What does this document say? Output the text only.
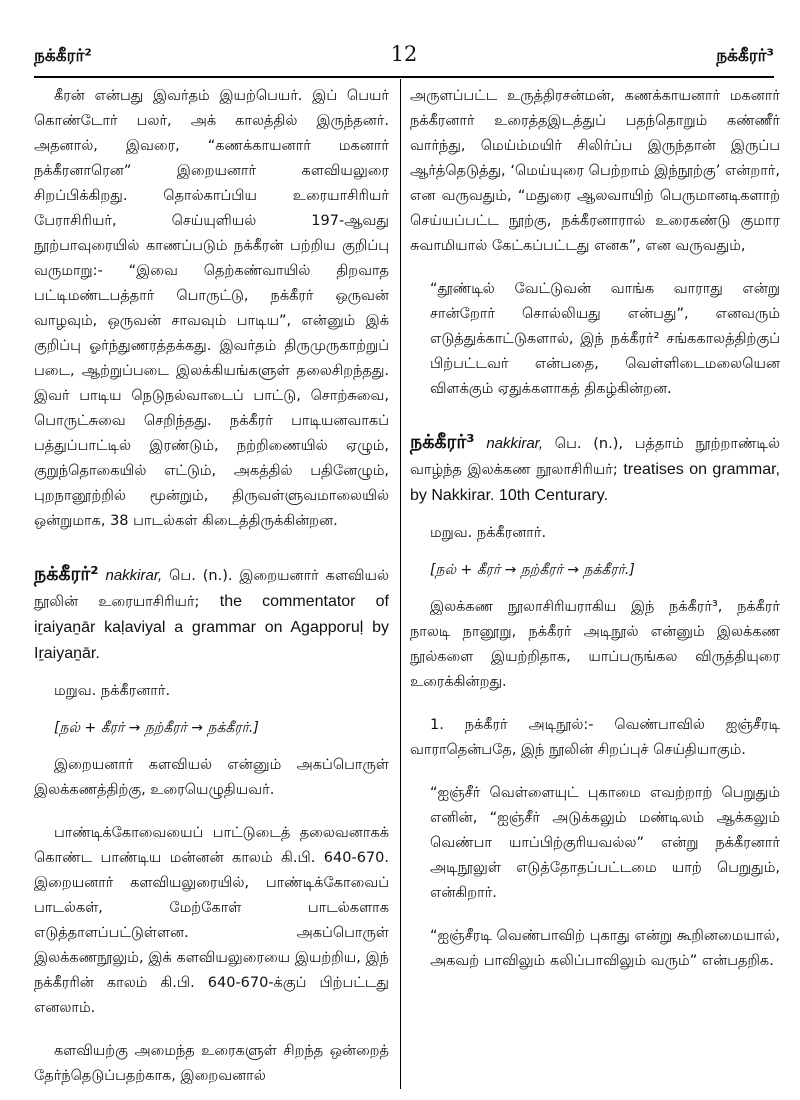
நக்கீரர்²	12	நக்கீரர்³

கீரன் என்பது இவர்தம் இயற்பெயர். இப் பெயர் கொண்டோர் பலர், அக் காலத்தில் இருந்தனர். அதனால், இவரை, “கணக்காயனார் மகனார் நக்கீரனாரென” இறையனார் களவியலுரை சிறப்பிக்கிறது. தொல்காப்பிய உரையாசிரியர் பேராசிரியர், செய்யுளியல் 197-ஆவது நூற்பாவுரையில் காணப்படும் நக்கீரன் பற்றிய குறிப்பு வருமாறு:- “இவை தெற்கண்வாயில் திறவாத பட்டிமண்டபத்தார் பொருட்டு, நக்கீரர் ஒருவன் வாழவும், ஒருவன் சாவவும் பாடிய”, என்னும் இக் குறிப்பு ஓர்ந்துணரத்தக்கது. இவர்தம் திருமுருகாற்றுப் படை, ஆற்றுப்படை இலக்கியங்களுள் தலைசிறந்தது. இவர் பாடிய நெடுநல்வாடைப் பாட்டு, சொற்சுவை, பொருட்சுவை செறிந்தது. நக்கீரர் பாடியனவாகப் பத்துப்பாட்டில் இரண்டும், நற்றிணையில் ஏழும், குறுந்தொகையில் எட்டும், அகத்தில் பதினேழும், புறநானூற்றில் மூன்றும், திருவள்ளுவமாலையில் ஒன்றுமாக, 38 பாடல்கள் கிடைத்திருக்கின்றன.

நக்கீரர்² nakkirar, பெ. (n.). இறையனார் களவியல் நூலின் உரையாசிரியர்; the commentator of iṟaiyaṉār kaḷaviyal a grammar on Agapporuḷ by Iṟaiyaṉār.

மறுவ. நக்கீரனார்.

[நல் + கீரர் → நற்கீரர் → நக்கீரர்.]

இறையனார் களவியல் என்னும் அகப்பொருள் இலக்கணத்திற்கு, உரையெழுதியவர்.

பாண்டிக்கோவையைப் பாட்டுடைத் தலைவனாகக் கொண்ட பாண்டிய மன்னன் காலம் கி.பி. 640-670. இறையனார் களவியலுரையில், பாண்டிக்கோவைப் பாடல்கள், மேற்கோள் பாடல்களாக எடுத்தாளப்பட்டுள்ளன. அகப்பொருள் இலக்கணநூலும், இக் களவியலுரையை இயற்றிய, இந் நக்கீரரின் காலம் கி.பி. 640-670-க்குப் பிற்பட்டது எனலாம்.

களவியற்கு அமைந்த உரைகளுள் சிறந்த ஒன்றைத் தேர்ந்தெடுப்பதற்காக, இறைவனால்

அருளப்பட்ட உருத்திரசன்மன், கணக்காயனார் மகனார் நக்கீரனார் உரைத்தஇடத்துப் பதந்தொறும் கண்ணீர் வார்ந்து, மெய்ம்மயிர் சிலிர்ப்ப இருந்தான் இருப்ப ஆர்த்தெடுத்து, ‘மெய்யுரை பெற்றாம் இந்நூற்கு’ என்றார், என வருவதும், “மதுரை ஆலவாயிற் பெருமானடிகளாற் செய்யப்பட்ட நூற்கு, நக்கீரனாரால் உரைகண்டு குமார சுவாமியால் கேட்கப்பட்டது எனக”, என வருவதும்,

“தூண்டில் வேட்டுவன் வாங்க வாராது என்று சான்றோர் சொல்லியது என்பது”, எனவரும் எடுத்துக்காட்டுகளால், இந் நக்கீரர்² சங்ககாலத்திற்குப் பிற்பட்டவர் என்பதை, வெள்ளிடைமலையென விளக்கும் ஏதுக்களாகத் திகழ்கின்றன.

நக்கீரர்³ nakkirar, பெ. (n.), பத்தாம் நூற்றாண்டில் வாழ்ந்த இலக்கண நூலாசிரியர்; treatises on grammar, by Nakkirar. 10th Centurary.

மறுவ. நக்கீரனார்.

[நல் + கீரர் → நற்கீரர் → நக்கீரர்.]

இலக்கண நூலாசிரியராகிய இந் நக்கீரர்³, நக்கீரர் நாலடி நானூறு, நக்கீரர் அடிநூல் என்னும் இலக்கண நூல்களை இயற்றிதாக, யாப்பருங்கல விருத்தியுரை உரைக்கின்றது.

1. நக்கீரர் அடிநூல்:- வெண்பாவில் ஐஞ்சீரடி வாராதென்பதே, இந் நூலின் சிறப்புச் செய்தியாகும்.

“ஐஞ்சீர் வெள்ளையுட் புகாமை எவற்றாற் பெறுதும் எனின், “ஐஞ்சீர் அடுக்கலும் மண்டிலம் ஆக்கலும் வெண்பா யாப்பிற்குரியவல்ல” என்று நக்கீரனார் அடிநூலுள் எடுத்தோதப்பட்டமை யாற் பெறுதும், என்கிறார்.

“ஐஞ்சீரடி வெண்பாவிற் புகாது என்று கூறினமையால், அகவற் பாவிலும் கலிப்பாவிலும் வரும்” என்பதறிக.
